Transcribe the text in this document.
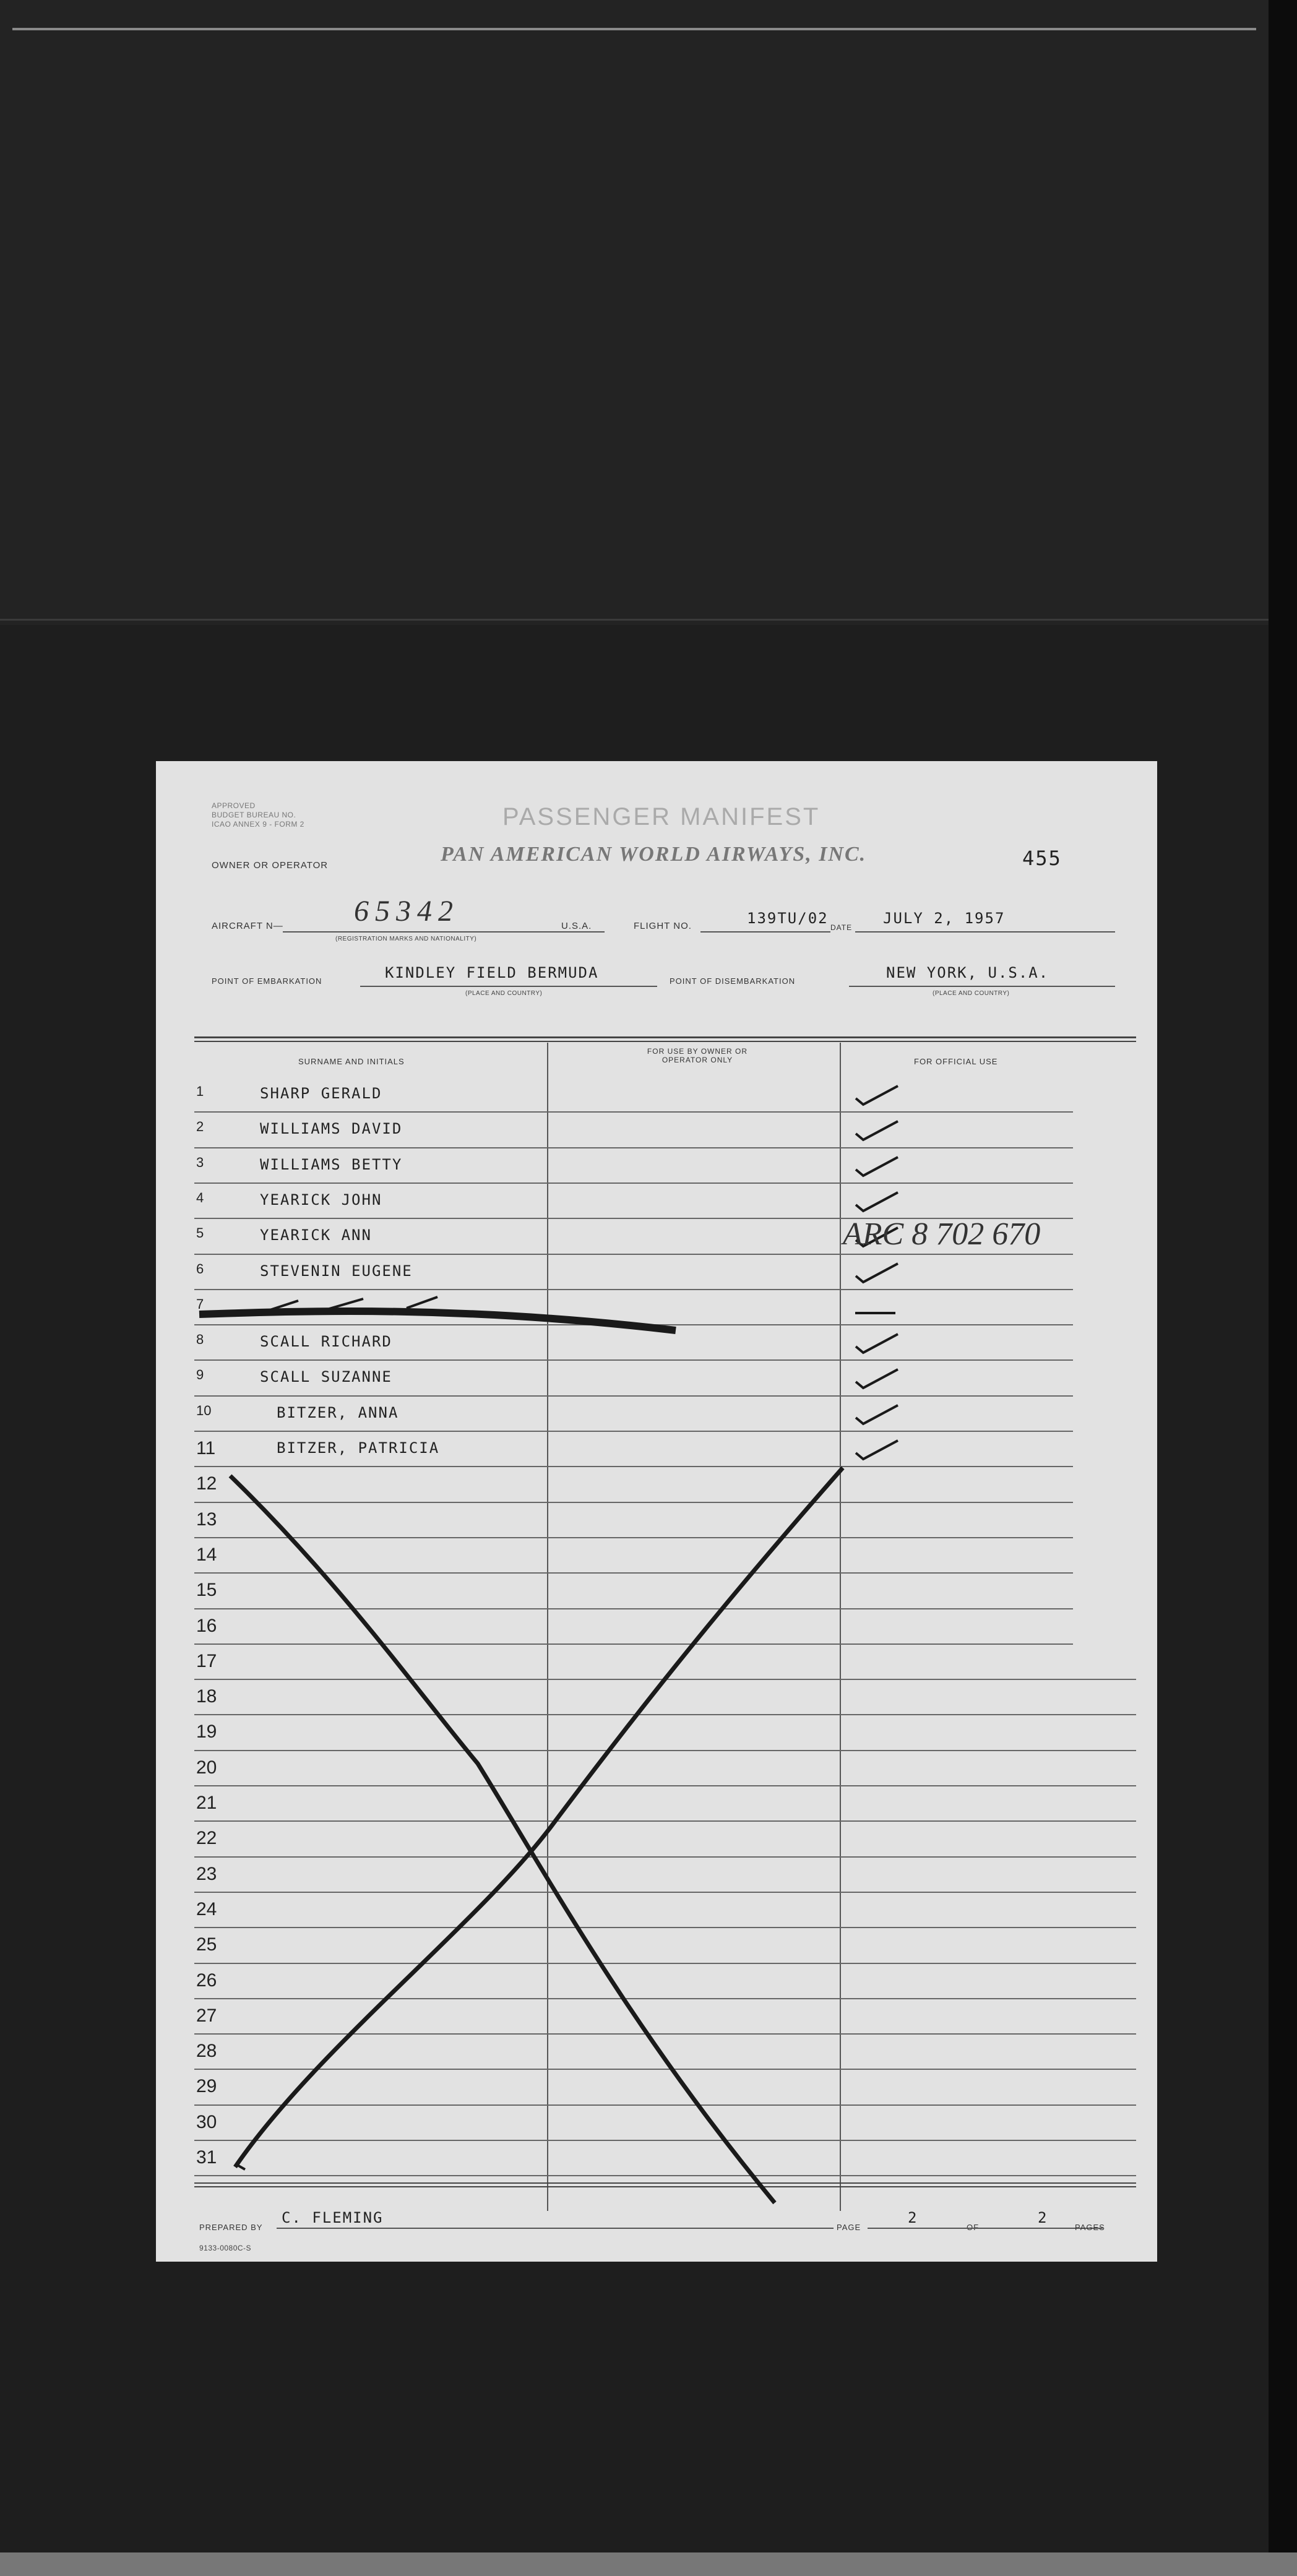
APPROVED
BUDGET BUREAU NO.
ICAO ANNEX 9 - FORM 2	PASSENGER MANIFEST
OWNER OR OPERATOR	PAN AMERICAN WORLD AIRWAYS, INC.	455
AIRCRAFT N— 65342
(REGISTRATION MARKS AND NATIONALITY)
U.S.A.	FLIGHT NO.	139TU/02
DATE
JULY 2, 1957
POINT OF EMBARKATION	KINDLEY FIELD BERMUDA
(PLACE AND COUNTRY)
POINT OF DISEMBARKATION	NEW YORK, U.S.A.
(PLACE AND COUNTRY)
SURNAME AND INITIALS
FOR USE BY OWNER OR OPERATOR ONLY	FOR OFFICIAL USE
1	SHARP GERALD
2	WILLIAMS DAVID
3	WILLIAMS BETTY
4	YEARICK JOHN
5	YEARICK ANN
6	STEVENIN EUGENE
7
8	SCALL RICHARD
9	SCALL SUZANNE
10	BITZER, ANNA
11	BITZER, PATRICIA
12
13
14
15
16
17
18
19
20
21
22
23
24
25
26
27
28
29
30
31
ARC 8 702 670
PREPARED BY
C. FLEMING
PAGE
2	2
PAGES
9133-0080C-S
